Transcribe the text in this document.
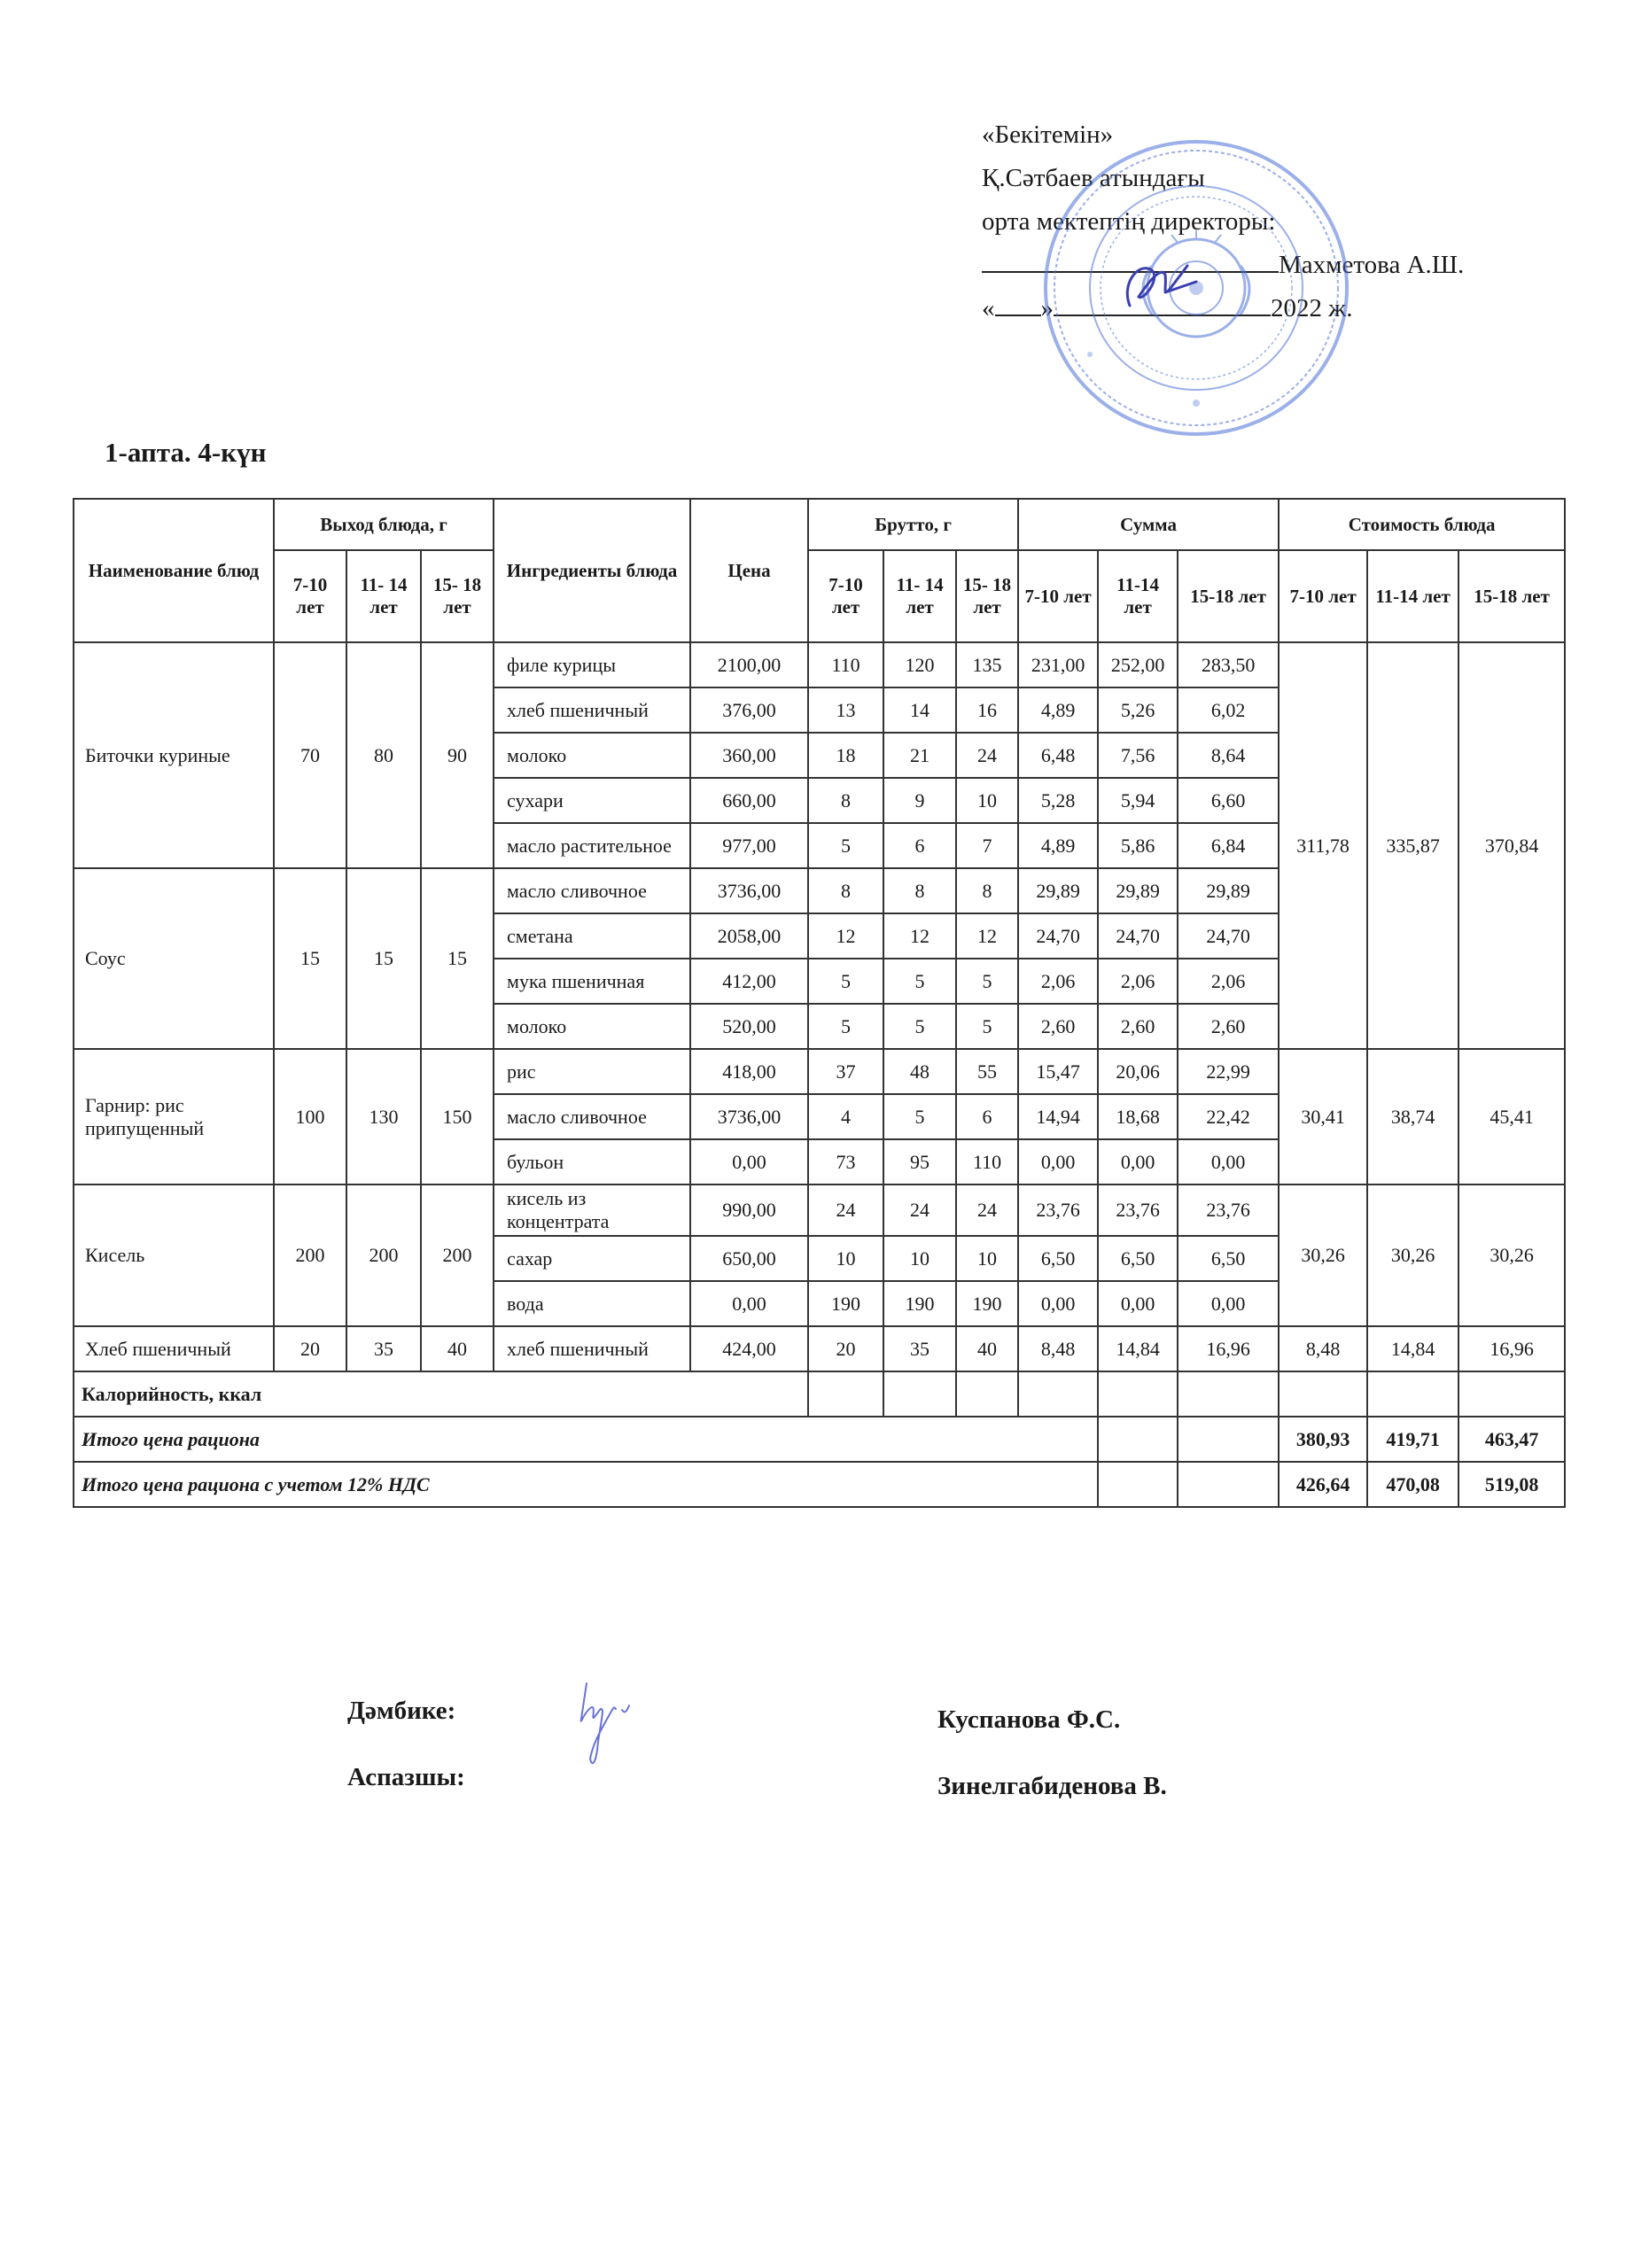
«Бекітемін»
Қ.Сәтбаев атындағы
орта мектептің директоры:
Махметова А.Ш.
« »	2022 ж.
1-апта. 4-күн
Наименование блюд	Выход блюда, г			Ингредиенты блюда	Цена	Брутто, г			Сумма			Стоимость блюда		
	7-10 лет	11- 14 лет	15- 18 лет			7-10 лет	11- 14 лет	15- 18 лет	7-10 лет	11-14 лет	15-18 лет	7-10 лет	11-14 лет	15-18 лет
Биточки куриные	70	80	90	филе курицы	2100,00	110	120	135	231,00	252,00	283,50	311,78	335,87	370,84
				хлеб пшеничный	376,00	13	14	16	4,89	5,26	6,02			
				молоко	360,00	18	21	24	6,48	7,56	8,64			
				сухари	660,00	8	9	10	5,28	5,94	6,60			
				масло растительное	977,00	5	6	7	4,89	5,86	6,84			
Соус	15	15	15	масло сливочное	3736,00	8	8	8	29,89	29,89	29,89			
				сметана	2058,00	12	12	12	24,70	24,70	24,70			
				мука пшеничная	412,00	5	5	5	2,06	2,06	2,06			
				молоко	520,00	5	5	5	2,60	2,60	2,60			
Гарнир: рис припущенный	100	130	150	рис	418,00	37	48	55	15,47	20,06	22,99	30,41	38,74	45,41
				масло сливочное	3736,00	4	5	6	14,94	18,68	22,42			
				бульон	0,00	73	95	110	0,00	0,00	0,00			
Кисель	200	200	200	кисель из концентрата	990,00	24	24	24	23,76	23,76	23,76	30,26	30,26	30,26
				сахар	650,00	10	10	10	6,50	6,50	6,50			
				вода	0,00	190	190	190	0,00	0,00	0,00			
Хлеб пшеничный	20	35	40	хлеб пшеничный	424,00	20	35	40	8,48	14,84	16,96	8,48	14,84	16,96
Калорийность, ккал														
Итого цена рациона												380,93	419,71	463,47
Итого цена рациона с учетом 12% НДС												426,64	470,08	519,08
Дәмбике:	Куспанова Ф.С.
Аспазшы:	Зинелгабиденова В.
